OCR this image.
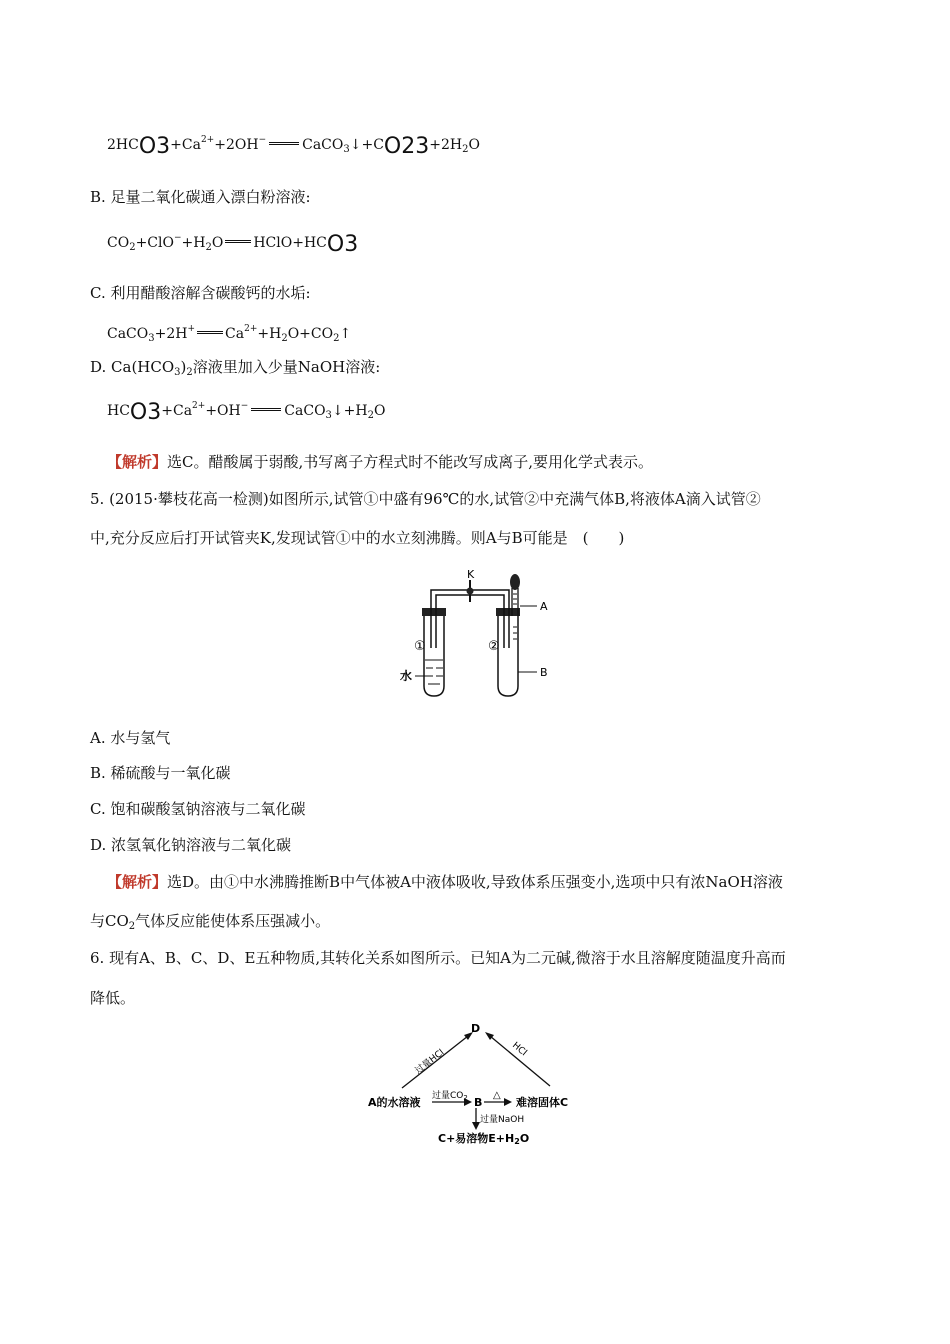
$2HCO3+Ca^{2+}+2OH^-$	$CaCO_3↓+CO23+2H_2O$
B. 足量二氧化碳通入漂白粉溶液:
$CO_2+ClO^-+H_2O$ HClO+HCO3
C. 利用醋酸溶解含碳酸钙的水垢:
CaCO$_3$+2H+ $Ca^{2+}+H_2O+CO_2↑$
D. $Ca(HCO_3)_2$溶液里加入少量NaOH溶液:
$HCO3+Ca^{2+}+OH^-$	$CaCO_3↓+H_2O$
【解析】选C。醋酸属于弱酸,书写离子方程式时不能改写成离子,要用化学式表示。
5. (2015·攀枝花高一检测)如图所示,试管①中盛有96℃的水,试管②中充满气体B,将液体A滴入试管②
中,充分反应后打开试管夹K,发现试管①中的水立刻沸腾。则A与B可能是　(　　)
K
A
B
①	②
水
A. 水与氢气
B. 稀硫酸与一氧化碳
C. 饱和碳酸氢钠溶液与二氧化碳
D. 浓氢氧化钠溶液与二氧化碳
【解析】选D。由①中水沸腾推断B中气体被A中液体吸收,导致体系压强变小,选项中只有浓NaOH溶液
与$CO_2$气体反应能使体系压强减小。
6. 现有A、B、C、D、E五种物质,其转化关系如图所示。已知A为二元碱,微溶于水且溶解度随温度升高而
降低。
D
A的水溶液	B	难溶固体C
过量HCl	HCl
过量$CO_2$	△
过量NaOH
C+易溶物E+H2O
